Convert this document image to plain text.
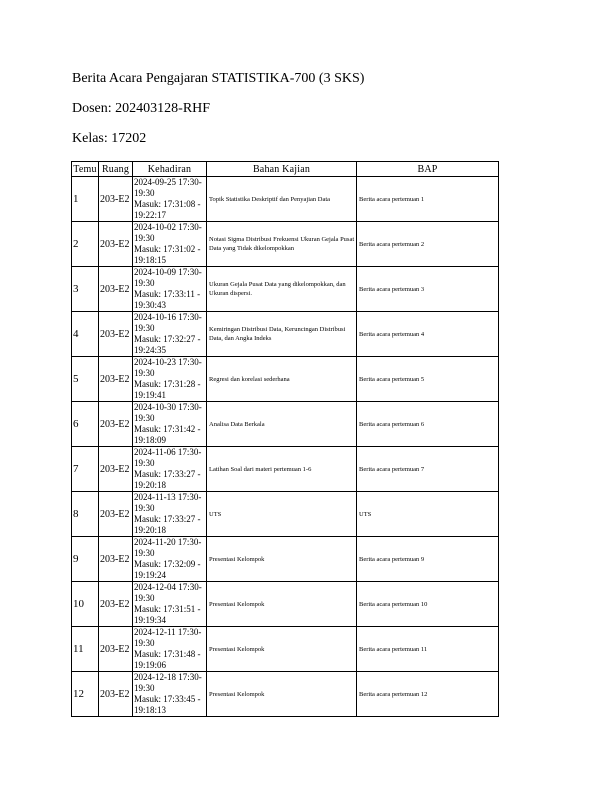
Berita Acara Pengajaran STATISTIKA-700 (3 SKS)
Dosen: 202403128-RHF
Kelas: 17202
Temu	Ruang	Kehadiran	Bahan Kajian	BAP
1	203-E2	2024-09-25 17:30-19:30
Masuk: 17:31:08 -
19:22:17	Topik Statistika Deskriptif dan Penyajian Data	Berita acara pertemuan 1
2	203-E2	2024-10-02 17:30-19:30
Masuk: 17:31:02 -
19:18:15	Notasi Sigma Distribusi Frekuensi Ukuran Gejala Pusat Data yang Tidak dikelompokkan	Berita acara pertemuan 2
3	203-E2	2024-10-09 17:30-19:30
Masuk: 17:33:11 -
19:30:43	Ukuran Gejala Pusat Data yang dikelompokkan, dan Ukuran dispersi.	Berita acara pertemuan 3
4	203-E2	2024-10-16 17:30-19:30
Masuk: 17:32:27 -
19:24:35	Kemiringan Distribusi Data, Keruncingan Distribusi Data, dan Angka Indeks	Berita acara pertemuan 4
5	203-E2	2024-10-23 17:30-19:30
Masuk: 17:31:28 -
19:19:41	Regresi dan korelasi sederhana	Berita acara pertemuan 5
6	203-E2	2024-10-30 17:30-19:30
Masuk: 17:31:42 -
19:18:09	Analisa Data Berkala	Berita acara pertemuan 6
7	203-E2	2024-11-06 17:30-19:30
Masuk: 17:33:27 -
19:20:18	Latihan Soal dari materi pertemuan 1-6	Berita acara pertemuan 7
8	203-E2	2024-11-13 17:30-19:30
Masuk: 17:33:27 -
19:20:18	UTS	UTS
9	203-E2	2024-11-20 17:30-19:30
Masuk: 17:32:09 -
19:19:24	Presentasi Kelompok	Berita acara pertemuan 9
10	203-E2	2024-12-04 17:30-19:30
Masuk: 17:31:51 -
19:19:34	Presentasi Kelompok	Berita acara pertemuan 10
11	203-E2	2024-12-11 17:30-19:30
Masuk: 17:31:48 -
19:19:06	Presentasi Kelompok	Berita acara pertemuan 11
12	203-E2	2024-12-18 17:30-19:30
Masuk: 17:33:45 -
19:18:13	Presentasi Kelompok	Berita acara pertemuan 12
